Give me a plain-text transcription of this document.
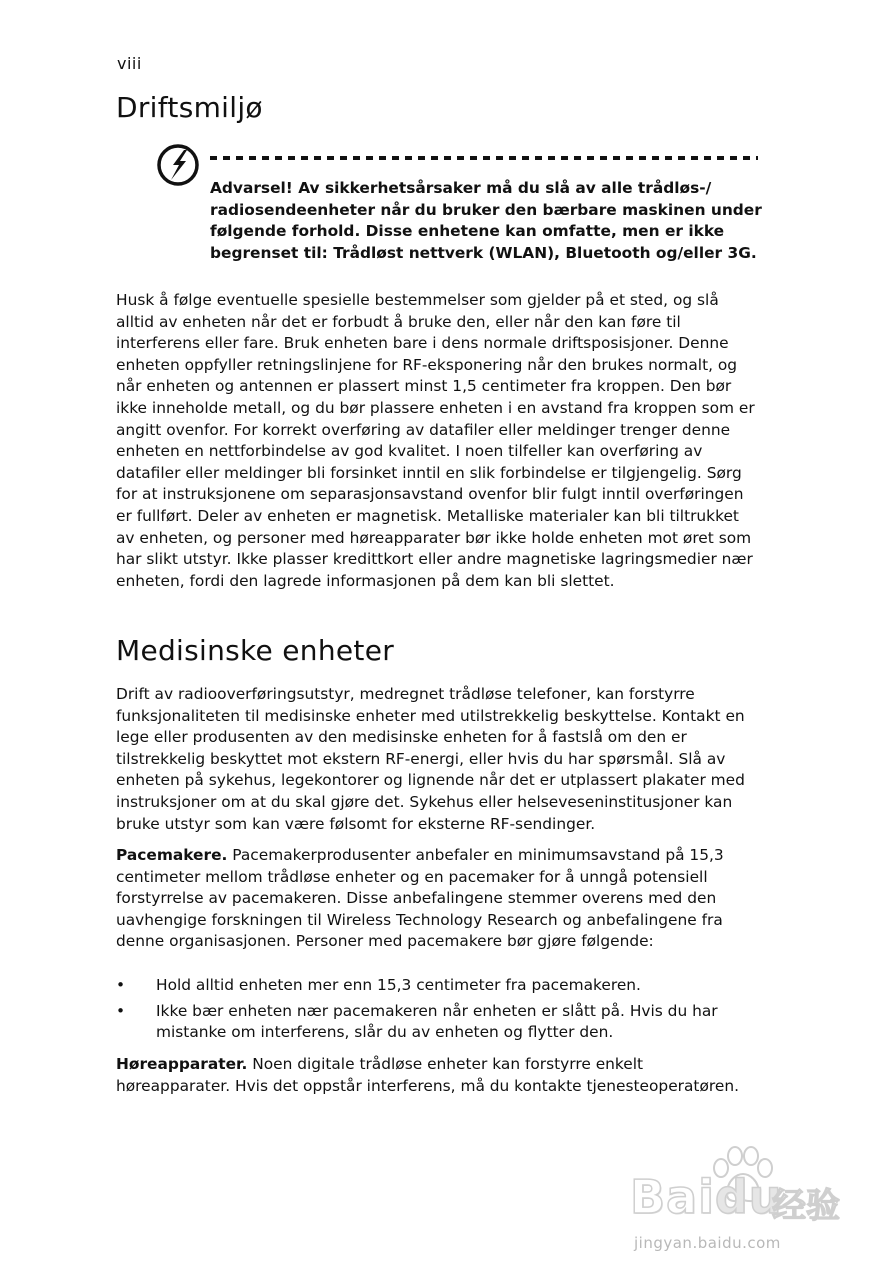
viii
Driftsmiljø

Advarsel! Av sikkerhetsårsaker må du slå av alle trådløs-/ radiosendeenheter når du bruker den bærbare maskinen under følgende forhold. Disse enhetene kan omfatte, men er ikke begrenset til: Trådløst nettverk (WLAN), Bluetooth og/eller 3G.

Husk å følge eventuelle spesielle bestemmelser som gjelder på et sted, og slå alltid av enheten når det er forbudt å bruke den, eller når den kan føre til interferens eller fare. Bruk enheten bare i dens normale driftsposisjoner. Denne enheten oppfyller retningslinjene for RF-eksponering når den brukes normalt, og når enheten og antennen er plassert minst 1,5 centimeter fra kroppen. Den bør ikke inneholde metall, og du bør plassere enheten i en avstand fra kroppen som er angitt ovenfor. For korrekt overføring av datafiler eller meldinger trenger denne enheten en nettforbindelse av god kvalitet. I noen tilfeller kan overføring av datafiler eller meldinger bli forsinket inntil en slik forbindelse er tilgjengelig. Sørg for at instruksjonene om separasjonsavstand ovenfor blir fulgt inntil overføringen er fullført. Deler av enheten er magnetisk. Metalliske materialer kan bli tiltrukket av enheten, og personer med høreapparater bør ikke holde enheten mot øret som har slikt utstyr. Ikke plasser kredittkort eller andre magnetiske lagringsmedier nær enheten, fordi den lagrede informasjonen på dem kan bli slettet.

Medisinske enheter

Drift av radiooverføringsutstyr, medregnet trådløse telefoner, kan forstyrre funksjonaliteten til medisinske enheter med utilstrekkelig beskyttelse. Kontakt en lege eller produsenten av den medisinske enheten for å fastslå om den er tilstrekkelig beskyttet mot ekstern RF-energi, eller hvis du har spørsmål. Slå av enheten på sykehus, legekontorer og lignende når det er utplassert plakater med instruksjoner om at du skal gjøre det. Sykehus eller helseveseninstitusjoner kan bruke utstyr som kan være følsomt for eksterne RF-sendinger.

Pacemakere. Pacemakerprodusenter anbefaler en minimumsavstand på 15,3 centimeter mellom trådløse enheter og en pacemaker for å unngå potensiell forstyrrelse av pacemakeren. Disse anbefalingene stemmer overens med den uavhengige forskningen til Wireless Technology Research og anbefalingene fra denne organisasjonen. Personer med pacemakere bør gjøre følgende:

• Hold alltid enheten mer enn 15,3 centimeter fra pacemakeren.
• Ikke bær enheten nær pacemakeren når enheten er slått på. Hvis du har mistanke om interferens, slår du av enheten og flytter den.

Høreapparater. Noen digitale trådløse enheter kan forstyrre enkelt høreapparater. Hvis det oppstår interferens, må du kontakte tjenesteoperatøren.

Baidu
经验
jingyan.baidu.com
